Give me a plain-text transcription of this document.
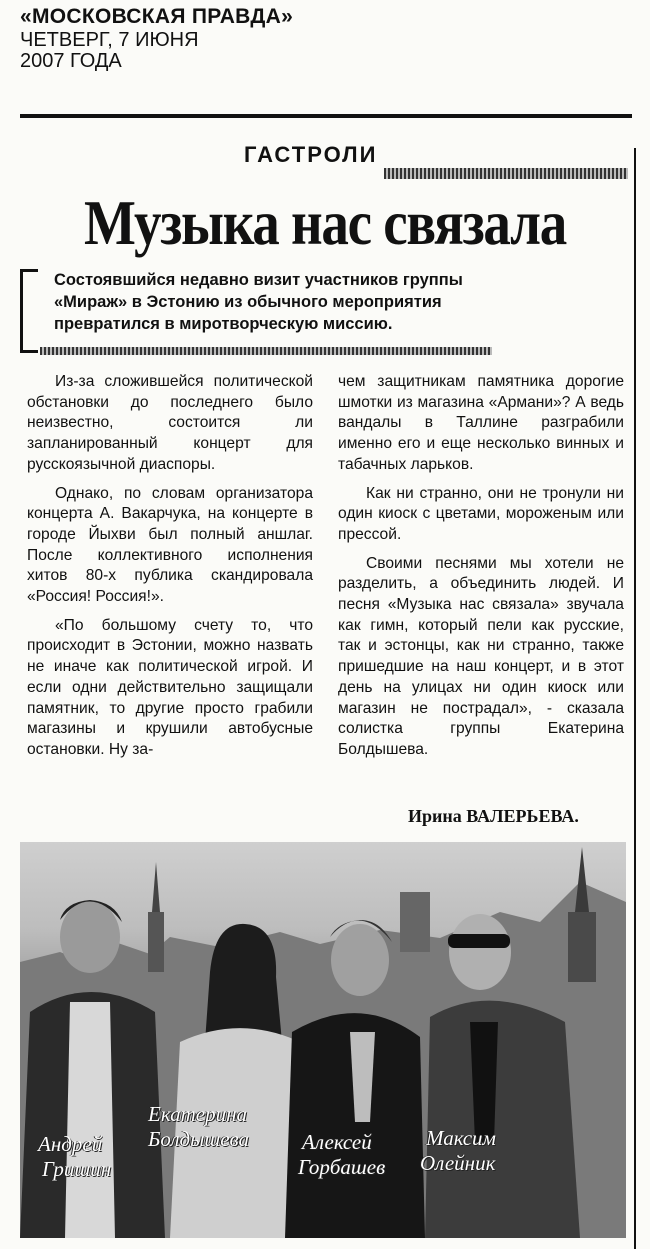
«МОСКОВСКАЯ ПРАВДА»
ЧЕТВЕРГ, 7 ИЮНЯ
2007 ГОДА
ГАСТРОЛИ
Музыка нас связала
Состоявшийся недавно визит участников группы
«Мираж» в Эстонию из обычного мероприятия
превратился в миротворческую миссию.

Из-за сложившейся политической обстановки до последнего было неизвестно, состоится ли запланированный концерт для русскоязычной диаспоры.

Однако, по словам организатора концерта А. Вакарчука, на концерте в городе Йыхви был полный аншлаг. После коллективного исполнения хитов 80-х публика скандировала «Россия! Россия!».

«По большому счету то, что происходит в Эстонии, можно назвать не иначе как политической игрой. И если одни действительно защищали памятник, то другие просто грабили магазины и крушили автобусные остановки. Ну за-

чем защитникам памятника дорогие шмотки из магазина «Армани»? А ведь вандалы в Таллине разграбили именно его и еще несколько винных и табачных ларьков.

Как ни странно, они не тронули ни один киоск с цветами, мороженым или прессой.

Своими песнями мы хотели не разделить, а объединить людей. И песня «Музыка нас связала» звучала как гимн, который пели как русские, так и эстонцы, как ни странно, также пришедшие на наш концерт, и в этот день на улицах ни один киоск или магазин не пострадал», - сказала солистка группы Екатерина Болдышева.

Ирина ВАЛЕРЬЕВА.
Андрей
Гришин
Екатерина
Болдышева	Алексей
Горбашев
Максим
Олейник
